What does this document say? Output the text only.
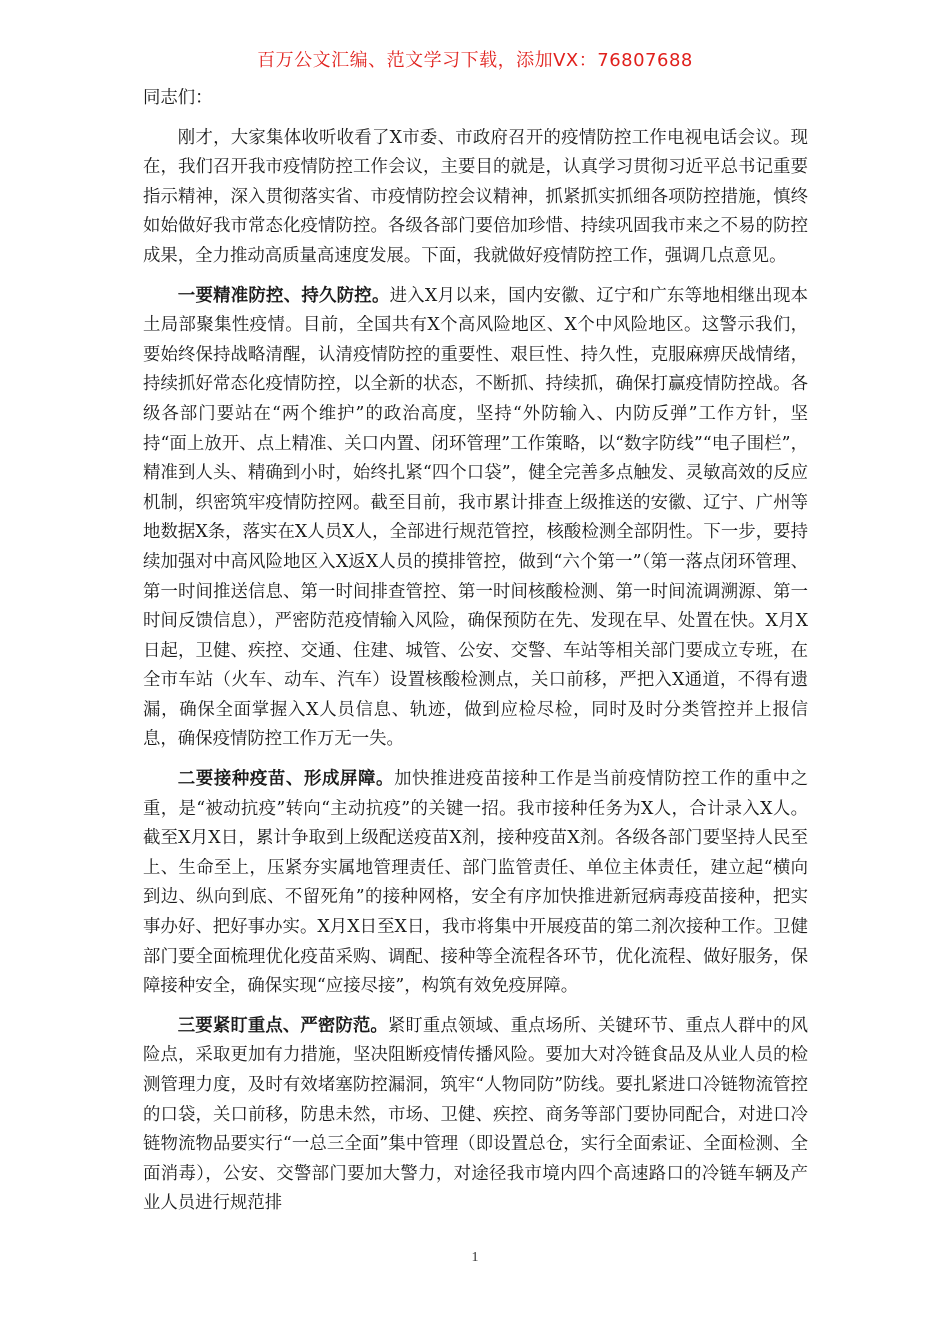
百万公文汇编、范文学习下载，添加VX：76807688

同志们：

刚才，大家集体收听收看了X市委、市政府召开的疫情防控工作电视电话会议。现在，我们召开我市疫情防控工作会议，主要目的就是，认真学习贯彻习近平总书记重要指示精神，深入贯彻落实省、市疫情防控会议精神，抓紧抓实抓细各项防控措施，慎终如始做好我市常态化疫情防控。各级各部门要倍加珍惜、持续巩固我市来之不易的防控成果，全力推动高质量高速度发展。下面，我就做好疫情防控工作，强调几点意见。

一要精准防控、持久防控。进入X月以来，国内安徽、辽宁和广东等地相继出现本土局部聚集性疫情。目前，全国共有X个高风险地区、X个中风险地区。这警示我们，要始终保持战略清醒，认清疫情防控的重要性、艰巨性、持久性，克服麻痹厌战情绪，持续抓好常态化疫情防控，以全新的状态，不断抓、持续抓，确保打赢疫情防控战。各级各部门要站在“两个维护”的政治高度，坚持“外防输入、内防反弹”工作方针，坚持“面上放开、点上精准、关口内置、闭环管理”工作策略，以“数字防线”“电子围栏”，精准到人头、精确到小时，始终扎紧“四个口袋”，健全完善多点触发、灵敏高效的反应机制，织密筑牢疫情防控网。截至目前，我市累计排查上级推送的安徽、辽宁、广州等地数据X条，落实在X人员X人，全部进行规范管控，核酸检测全部阴性。下一步，要持续加强对中高风险地区入X返X人员的摸排管控，做到“六个第一”（第一落点闭环管理、第一时间推送信息、第一时间排查管控、第一时间核酸检测、第一时间流调溯源、第一时间反馈信息），严密防范疫情输入风险，确保预防在先、发现在早、处置在快。X月X日起，卫健、疾控、交通、住建、城管、公安、交警、车站等相关部门要成立专班，在全市车站（火车、动车、汽车）设置核酸检测点，关口前移，严把入X通道，不得有遗漏，确保全面掌握入X人员信息、轨迹，做到应检尽检，同时及时分类管控并上报信息，确保疫情防控工作万无一失。

二要接种疫苗、形成屏障。加快推进疫苗接种工作是当前疫情防控工作的重中之重，是“被动抗疫”转向“主动抗疫”的关键一招。我市接种任务为X人，合计录入X人。截至X月X日，累计争取到上级配送疫苗X剂，接种疫苗X剂。各级各部门要坚持人民至上、生命至上，压紧夯实属地管理责任、部门监管责任、单位主体责任，建立起“横向到边、纵向到底、不留死角”的接种网格，安全有序加快推进新冠病毒疫苗接种，把实事办好、把好事办实。X月X日至X日，我市将集中开展疫苗的第二剂次接种工作。卫健部门要全面梳理优化疫苗采购、调配、接种等全流程各环节，优化流程、做好服务，保障接种安全，确保实现“应接尽接”，构筑有效免疫屏障。

三要紧盯重点、严密防范。紧盯重点领域、重点场所、关键环节、重点人群中的风险点，采取更加有力措施，坚决阻断疫情传播风险。要加大对冷链食品及从业人员的检测管理力度，及时有效堵塞防控漏洞，筑牢“人物同防”防线。要扎紧进口冷链物流管控的口袋，关口前移，防患未然，市场、卫健、疾控、商务等部门要协同配合，对进口冷链物流物品要实行“一总三全面”集中管理（即设置总仓，实行全面索证、全面检测、全面消毒），公安、交警部门要加大警力，对途径我市境内四个高速路口的冷链车辆及产业人员进行规范排

1
